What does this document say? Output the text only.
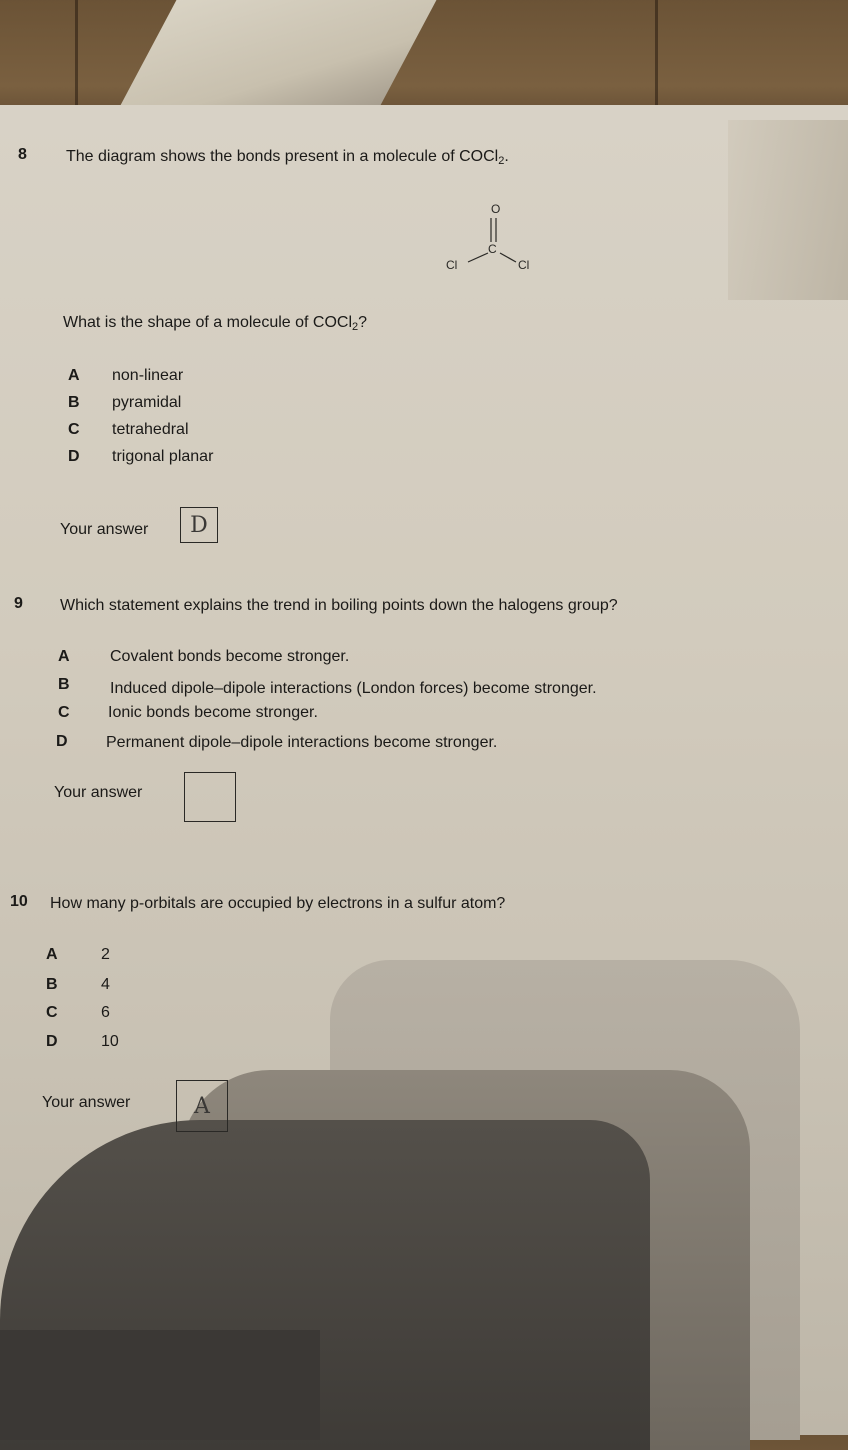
8 The diagram shows the bonds present in a molecule of COCl$_2$.
O
C
Cl	Cl
What is the shape of a molecule of COCl$_2$?
A non-linear
B pyramidal
C tetrahedral
D trigonal planar
Your answer	D
9 Which statement explains the trend in boiling points down the halogens group?
A	Covalent bonds become stronger.
B	Induced dipole–dipole interactions (London forces) become stronger.
C Ionic bonds become stronger.
D Permanent dipole–dipole interactions become stronger.
Your answer
10 How many p-orbitals are occupied by electrons in a sulfur atom?
A	2
B	4
C	6
D	10
Your answer	A
